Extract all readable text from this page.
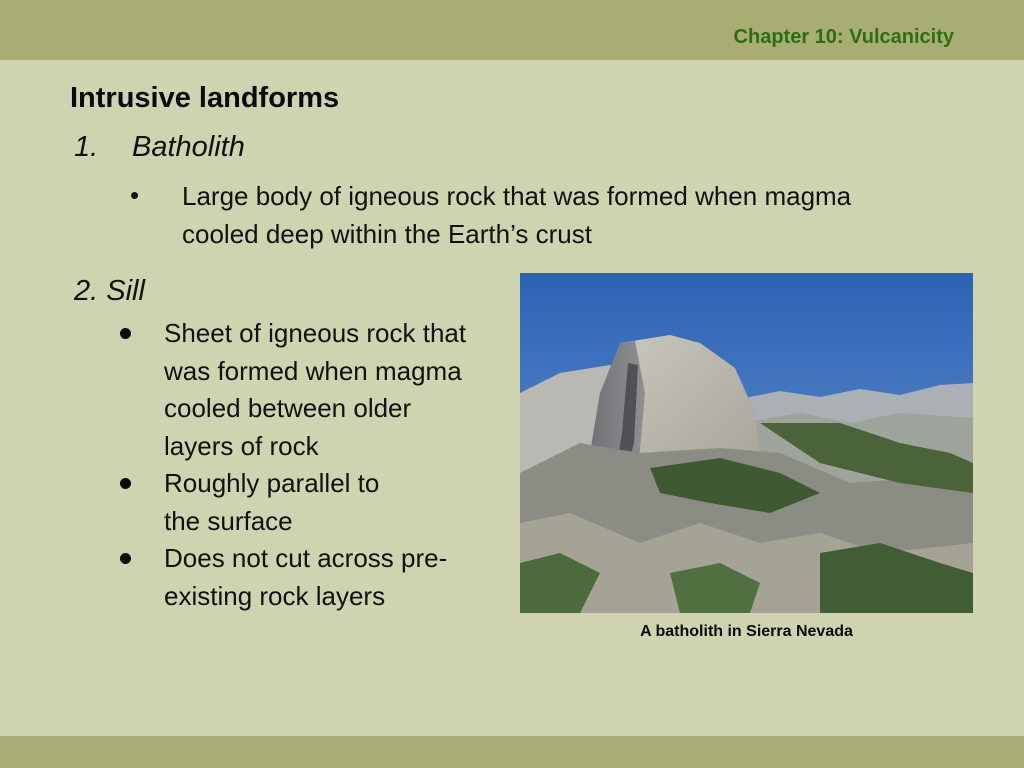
Chapter 10: Vulcanicity
Intrusive landforms
1. Batholith
• Large body of igneous rock that was formed when magma cooled deep within the Earth’s crust
2. Sill
Sheet of igneous rock that was formed when magma cooled between older layers of rock
Roughly parallel to the surface
Does not cut across pre-existing rock layers
A batholith in Sierra Nevada
